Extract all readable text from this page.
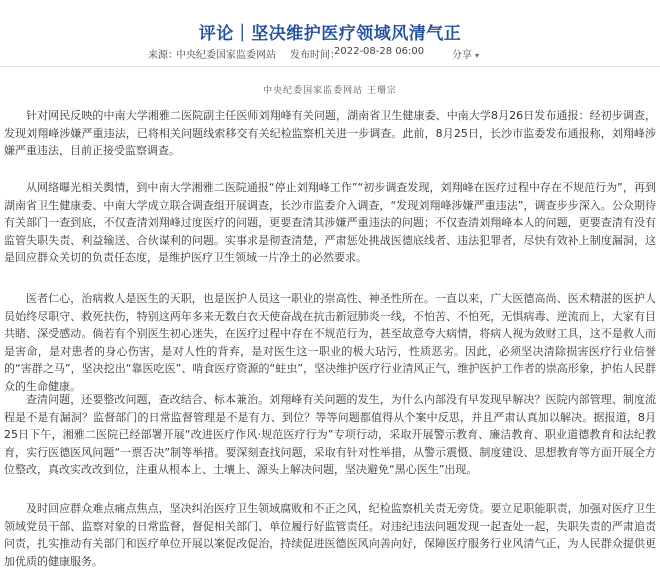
评论｜坚决维护医疗领域风清气正
来源：
中央纪委国家监委网站 发布时间：
2022-08-28 06:00	分享 ▾
中央纪委国家监委网站 王珊宗

针对网民反映的中南大学湘雅二医院副主任医师刘翔峰有关问题，湖南省卫生健康委、中南大学8月26日发布通报：经初步调查，发现刘翔峰涉嫌严重违法，已将相关问题线索移交有关纪检监察机关进一步调查。此前，8月25日，长沙市监委发布通报称，刘翔峰涉嫌严重违法，目前正接受监察调查。

从网络曝光相关舆情，到中南大学湘雅二医院通报“停止刘翔峰工作”“初步调查发现，刘翔峰在医疗过程中存在不规范行为”，再到湖南省卫生健康委、中南大学成立联合调查组开展调查，长沙市监委介入调查，“发现刘翔峰涉嫌严重违法”，调查步步深入。公众期待有关部门一查到底，不仅查清刘翔峰过度医疗的问题，更要查清其涉嫌严重违法的问题；不仅查清刘翔峰本人的问题，更要查清有没有监管失职失责、利益输送、合伙谋利的问题。实事求是彻查清楚，严肃惩处挑战医德底线者、违法犯罪者，尽快有效补上制度漏洞，这是回应群众关切的负责任态度，是维护医疗卫生领域一片净土的必然要求。

医者仁心，治病救人是医生的天职，也是医护人员这一职业的崇高性、神圣性所在。一直以来，广大医德高尚、医术精湛的医护人员始终尽职守、救死扶伤，特别这两年多来无数白衣天使奋战在抗击新冠肺炎一线，不怕苦、不怕死，无惧病毒、逆流而上，大家有目共睹、深受感动。倘若有个别医生初心迷失，在医疗过程中存在不规范行为，甚至故意夸大病情，将病人视为敛财工具，这不是救人而是害命，是对患者的身心伤害，是对人性的背弃，是对医生这一职业的极大玷污，性质恶劣。因此，必须坚决清除损害医疗行业信誉的“害群之马”，坚决挖出“靠医吃医”、啃食医疗资源的“蛀虫”，坚决维护医疗行业清风正气，维护医护工作者的崇高形象，护佑人民群众的生命健康。

查清问题，还要整改问题，查改结合、标本兼治。刘翔峰有关问题的发生，为什么内部没有早发现早解决？医院内部管理、制度流程是不是有漏洞？监督部门的日常监督管理是不是有力、到位？等等问题都值得从个案中反思，并且严肃认真加以解决。据报道，8月25日下午，湘雅二医院已经部署开展“改进医疗作风·规范医疗行为”专项行动，采取开展警示教育、廉洁教育、职业道德教育和法纪教育，实行医德医风问题“一票否决”制等举措。要深刻查找问题，采取有针对性举措，从警示震慑、制度建设、思想教育等方面开展全方位整改，真改实改改到位，注重从根本上、土壤上、源头上解决问题，坚决避免“黑心医生”出现。

及时回应群众难点痛点焦点，坚决纠治医疗卫生领域腐败和不正之风，纪检监察机关责无旁贷。要立足职能职责，加强对医疗卫生领域党员干部、监察对象的日常监督，督促相关部门、单位履行好监管责任。对违纪违法问题发现一起查处一起，失职失责的严肃追责问责，扎实推动有关部门和医疗单位开展以案促改促治，持续促进医德医风向善向好，保障医疗服务行业风清气正，为人民群众提供更加优质的健康服务。
